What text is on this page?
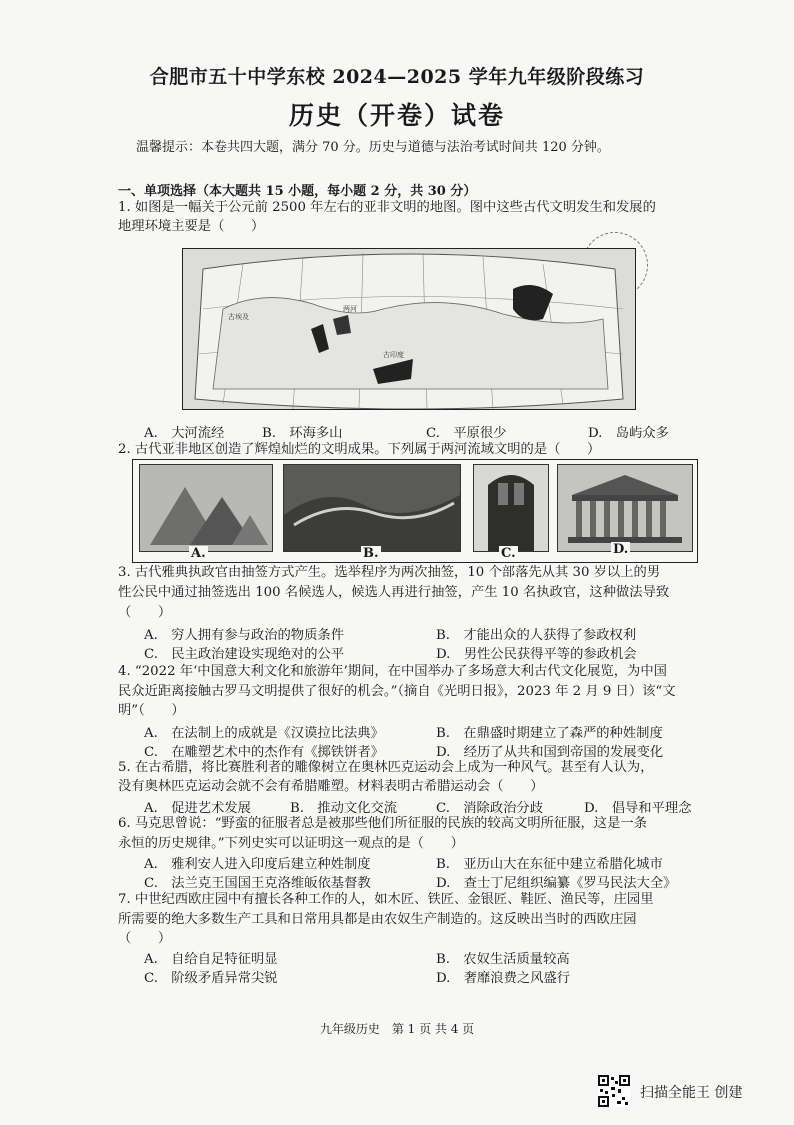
合肥市五十中学东校 2024—2025 学年九年级阶段练习
历史（开卷）试卷
温馨提示：本卷共四大题，满分 70 分。历史与道德与法治考试时间共 120 分钟。
一、单项选择（本大题共 15 小题，每小题 2 分，共 30 分）
1. 如图是一幅关于公元前 2500 年左右的亚非文明的地图。图中这些古代文明发生和发展的
地理环境主要是（　　）
古埃及
古印度
两河
A.　大河流经	B.　环海多山	C.　平原很少	D.　岛屿众多
2. 古代亚非地区创造了辉煌灿烂的文明成果。下列属于两河流域文明的是（　　）
A.	B.	C.	D.
3. 古代雅典执政官由抽签方式产生。选举程序为两次抽签，10 个部落先从其 30 岁以上的男
性公民中通过抽签选出 100 名候选人，候选人再进行抽签，产生 10 名执政官，这种做法导致
（　　）
A.　穷人拥有参与政治的物质条件	B.　才能出众的人获得了参政权利
C.　民主政治建设实现绝对的公平	D.　男性公民获得平等的参政机会
4. “2022 年‘中国意大利文化和旅游年’期间，在中国举办了多场意大利古代文化展览，为中国
民众近距离接触古罗马文明提供了很好的机会。”（摘自《光明日报》，2023 年 2 月 9 日）该“文
明”（　　）
A.　在法制上的成就是《汉谟拉比法典》	B.　在鼎盛时期建立了森严的种姓制度
C.　在雕塑艺术中的杰作有《掷铁饼者》	D.　经历了从共和国到帝国的发展变化
5. 在古希腊，将比赛胜利者的雕像树立在奥林匹克运动会上成为一种风气。甚至有人认为，
没有奥林匹克运动会就不会有希腊雕塑。材料表明古希腊运动会（　　）
A.　促进艺术发展	B.　推动文化交流	C.　消除政治分歧	D.　倡导和平理念
6. 马克思曾说：“野蛮的征服者总是被那些他们所征服的民族的较高文明所征服，这是一条
永恒的历史规律。”下列史实可以证明这一观点的是（　　）
A.　雅利安人进入印度后建立种姓制度	B.　亚历山大在东征中建立希腊化城市
C.　法兰克王国国王克洛维皈依基督教	D.　查士丁尼组织编纂《罗马民法大全》
7. 中世纪西欧庄园中有擅长各种工作的人，如木匠、铁匠、金银匠、鞋匠、渔民等，庄园里
所需要的绝大多数生产工具和日常用具都是由农奴生产制造的。这反映出当时的西欧庄园
（　　）
A.　自给自足特征明显	B.　农奴生活质量较高
C.　阶级矛盾异常尖锐	D.　奢靡浪费之风盛行
九年级历史　第 1 页 共 4 页
扫描全能王 创建
